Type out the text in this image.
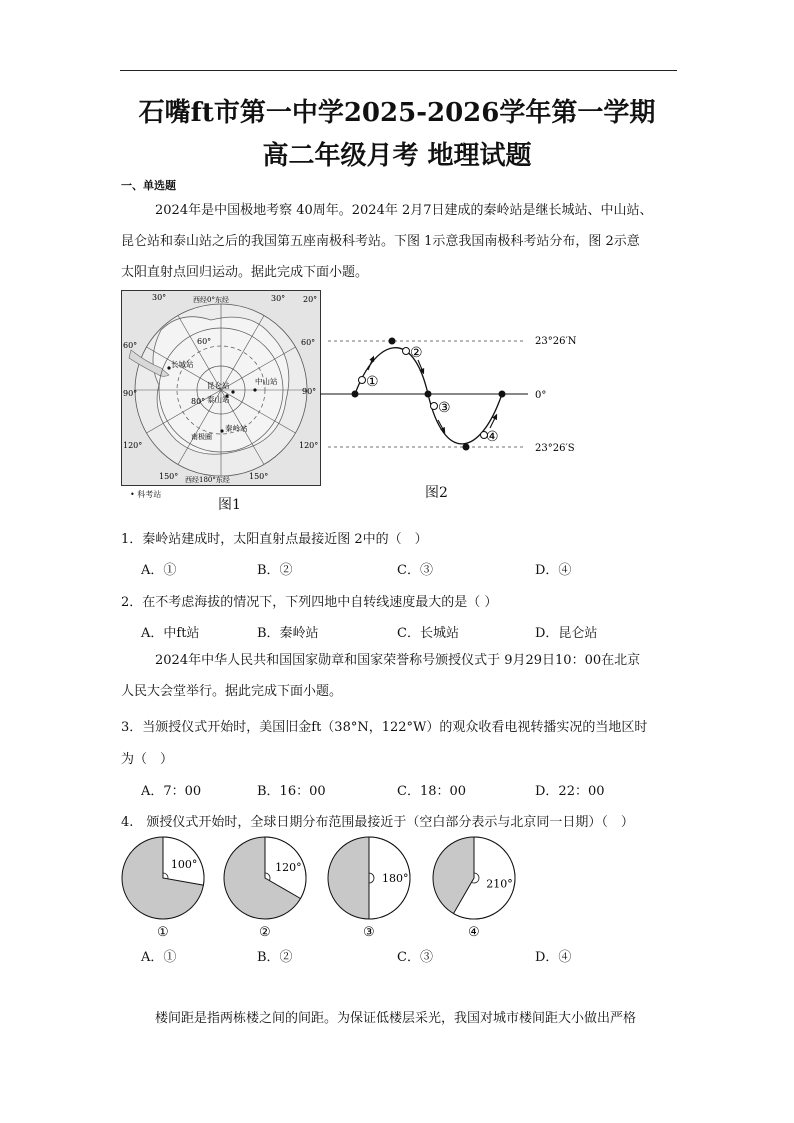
石嘴ft市第一中学2025-2026学年第一学期
高二年级月考 地理试题
一、单选题
2024年是中国极地考察 40周年。2024年 2月7日建成的秦岭站是继长城站、中山站、
昆仑站和泰山站之后的我国第五座南极科考站。下图 1示意我国南极科考站分布，图 2示意
太阳直射点回归运动。据此完成下面小题。
西经0°东经
西经180°东经
20°
30°	30°
60°	60°
90°	90°
120°	120°
150°	150°
60°
80°
长城站
昆仑站	中山站
泰山站
秦岭站
南极圈
• 科考站
图1
①
②
③
④
23°26′N
0°
23°26′S
图2
1．秦岭站建成时，太阳直射点最接近图 2中的（　）
A．①	B．②	C．③	D．④
2．在不考虑海拔的情况下，下列四地中自转线速度最大的是（ ）
A．中ft站	B．秦岭站	C．长城站	D．昆仑站
2024年中华人民共和国国家勋章和国家荣誉称号颁授仪式于 9月29日10：00在北京
人民大会堂举行。据此完成下面小题。
3．当颁授仪式开始时，美国旧金ft（38°N，122°W）的观众收看电视转播实况的当地区时
为（　）
A．7：00	B．16：00	C．18：00	D．22：00
4.　颁授仪式开始时，全球日期分布范围最接近于（空白部分表示与北京同一日期）（　）
100°
①
120°
②
180°
③
210°
④
A．①	B．②	C．③	D．④
楼间距是指两栋楼之间的间距。为保证低楼层采光，我国对城市楼间距大小做出严格
